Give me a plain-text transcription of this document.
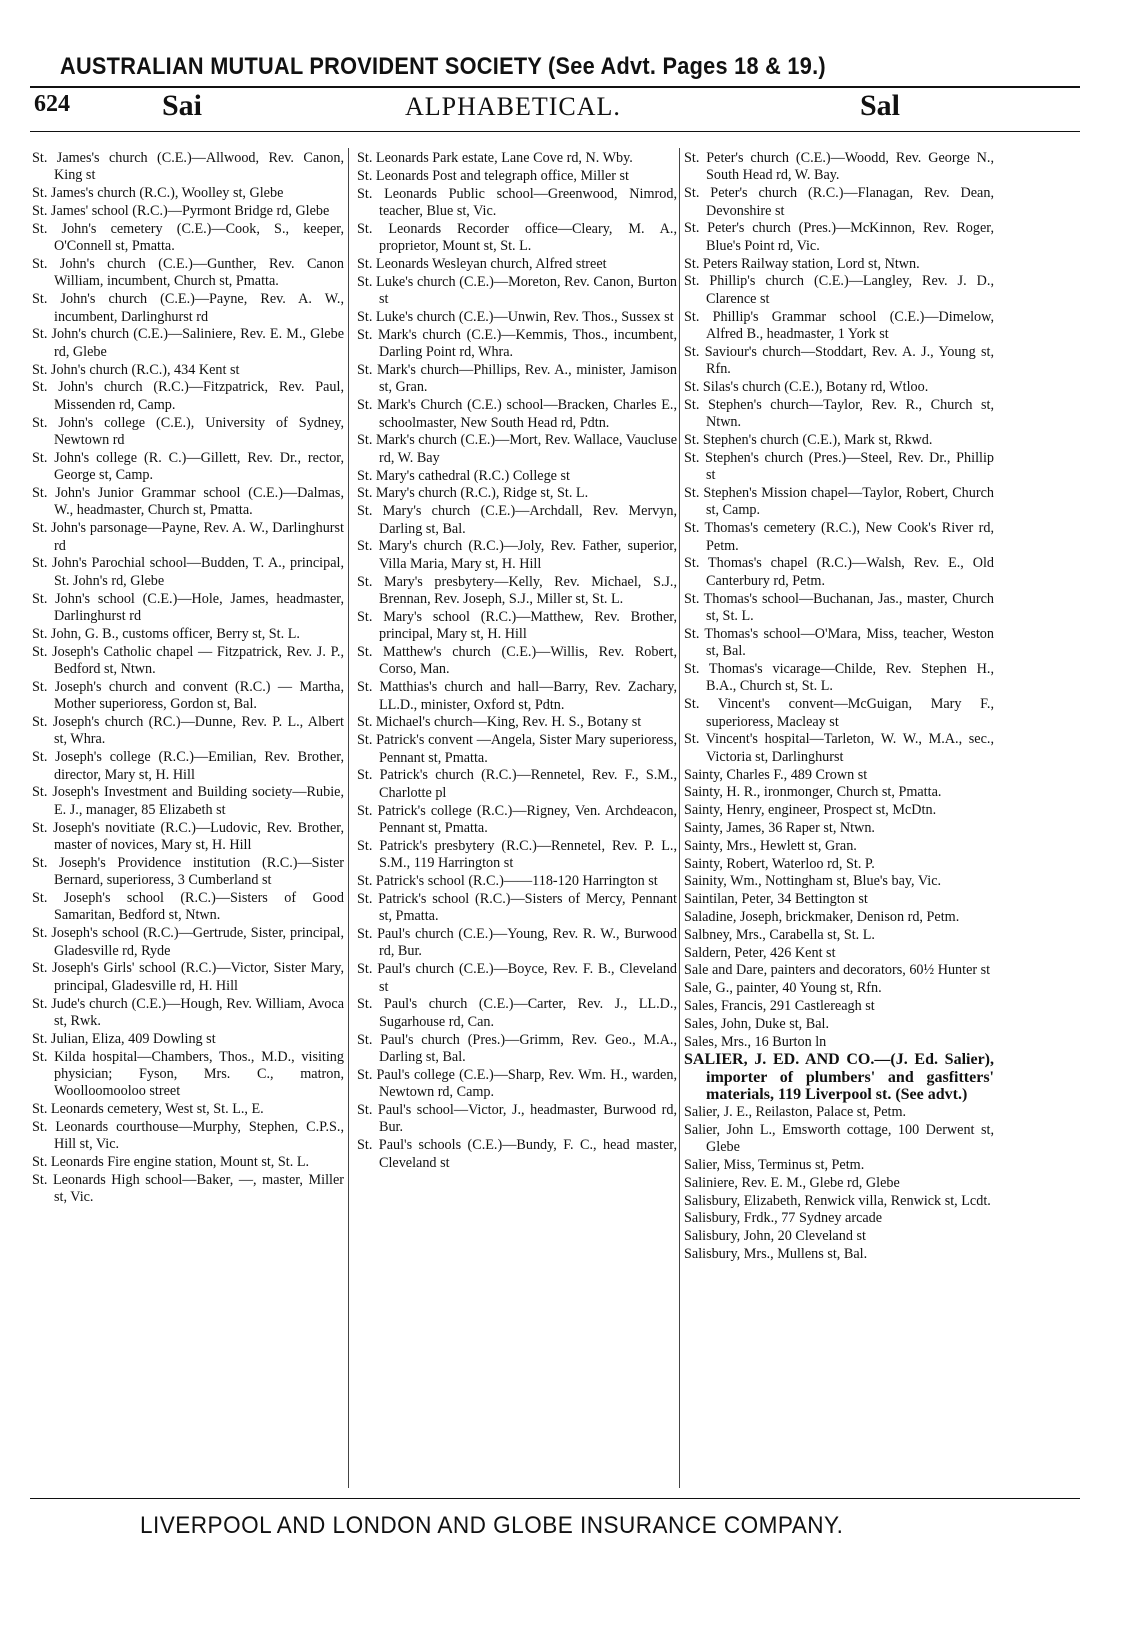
AUSTRALIAN MUTUAL PROVIDENT SOCIETY (See Advt. Pages 18 & 19.)
624	Sai	ALPHABETICAL.	Sal
St. James's church (C.E.)—Allwood, Rev. Canon, King st
St. James's church (R.C.), Woolley st, Glebe
St. James' school (R.C.)—Pyrmont Bridge rd, Glebe
St. John's cemetery (C.E.)—Cook, S., keeper, O'Connell st, Pmatta.
St. John's church (C.E.)—Gunther, Rev. Canon William, incumbent, Church st, Pmatta.
St. John's church (C.E.)—Payne, Rev. A. W., incumbent, Darlinghurst rd
St. John's church (C.E.)—Saliniere, Rev. E. M., Glebe rd, Glebe
St. John's church (R.C.), 434 Kent st
St. John's church (R.C.)—Fitzpatrick, Rev. Paul, Missenden rd, Camp.
St. John's college (C.E.), University of Sydney, Newtown rd
St. John's college (R. C.)—Gillett, Rev. Dr., rector, George st, Camp.
St. John's Junior Grammar school (C.E.)—Dalmas, W., headmaster, Church st, Pmatta.
St. John's parsonage—Payne, Rev. A. W., Darlinghurst rd
St. John's Parochial school—Budden, T. A., principal, St. John's rd, Glebe
St. John's school (C.E.)—Hole, James, headmaster, Darlinghurst rd
St. John, G. B., customs officer, Berry st, St. L.
St. Joseph's Catholic chapel — Fitzpatrick, Rev. J. P., Bedford st, Ntwn.
St. Joseph's church and convent (R.C.) — Martha, Mother superioress, Gordon st, Bal.
St. Joseph's church (RC.)—Dunne, Rev. P. L., Albert st, Whra.
St. Joseph's college (R.C.)—Emilian, Rev. Brother, director, Mary st, H. Hill
St. Joseph's Investment and Building society—Rubie, E. J., manager, 85 Elizabeth st
St. Joseph's novitiate (R.C.)—Ludovic, Rev. Brother, master of novices, Mary st, H. Hill
St. Joseph's Providence institution (R.C.)—Sister Bernard, superioress, 3 Cumberland st
St. Joseph's school (R.C.)—Sisters of Good Samaritan, Bedford st, Ntwn.
St. Joseph's school (R.C.)—Gertrude, Sister, principal, Gladesville rd, Ryde
St. Joseph's Girls' school (R.C.)—Victor, Sister Mary, principal, Gladesville rd, H. Hill
St. Jude's church (C.E.)—Hough, Rev. William, Avoca st, Rwk.
St. Julian, Eliza, 409 Dowling st
St. Kilda hospital—Chambers, Thos., M.D., visiting physician; Fyson, Mrs. C., matron, Woolloomooloo street
St. Leonards cemetery, West st, St. L., E.
St. Leonards courthouse—Murphy, Stephen, C.P.S., Hill st, Vic.
St. Leonards Fire engine station, Mount st, St. L.
St. Leonards High school—Baker, —, master, Miller st, Vic.
St. Leonards Park estate, Lane Cove rd, N. Wby.
St. Leonards Post and telegraph office, Miller st
St. Leonards Public school—Greenwood, Nimrod, teacher, Blue st, Vic.
St. Leonards Recorder office—Cleary, M. A., proprietor, Mount st, St. L.
St. Leonards Wesleyan church, Alfred street
St. Luke's church (C.E.)—Moreton, Rev. Canon, Burton st
St. Luke's church (C.E.)—Unwin, Rev. Thos., Sussex st
St. Mark's church (C.E.)—Kemmis, Thos., incumbent, Darling Point rd, Whra.
St. Mark's church—Phillips, Rev. A., minister, Jamison st, Gran.
St. Mark's Church (C.E.) school—Bracken, Charles E., schoolmaster, New South Head rd, Pdtn.
St. Mark's church (C.E.)—Mort, Rev. Wallace, Vaucluse rd, W. Bay
St. Mary's cathedral (R.C.) College st
St. Mary's church (R.C.), Ridge st, St. L.
St. Mary's church (C.E.)—Archdall, Rev. Mervyn, Darling st, Bal.
St. Mary's church (R.C.)—Joly, Rev. Father, superior, Villa Maria, Mary st, H. Hill
St. Mary's presbytery—Kelly, Rev. Michael, S.J., Brennan, Rev. Joseph, S.J., Miller st, St. L.
St. Mary's school (R.C.)—Matthew, Rev. Brother, principal, Mary st, H. Hill
St. Matthew's church (C.E.)—Willis, Rev. Robert, Corso, Man.
St. Matthias's church and hall—Barry, Rev. Zachary, LL.D., minister, Oxford st, Pdtn.
St. Michael's church—King, Rev. H. S., Botany st
St. Patrick's convent —Angela, Sister Mary superioress, Pennant st, Pmatta.
St. Patrick's church (R.C.)—Rennetel, Rev. F., S.M., Charlotte pl
St. Patrick's college (R.C.)—Rigney, Ven. Archdeacon, Pennant st, Pmatta.
St. Patrick's presbytery (R.C.)—Rennetel, Rev. P. L., S.M., 119 Harrington st
St. Patrick's school (R.C.)——118-120 Harrington st
St. Patrick's school (R.C.)—Sisters of Mercy, Pennant st, Pmatta.
St. Paul's church (C.E.)—Young, Rev. R. W., Burwood rd, Bur.
St. Paul's church (C.E.)—Boyce, Rev. F. B., Cleveland st
St. Paul's church (C.E.)—Carter, Rev. J., LL.D., Sugarhouse rd, Can.
St. Paul's church (Pres.)—Grimm, Rev. Geo., M.A., Darling st, Bal.
St. Paul's college (C.E.)—Sharp, Rev. Wm. H., warden, Newtown rd, Camp.
St. Paul's school—Victor, J., headmaster, Burwood rd, Bur.
St. Paul's schools (C.E.)—Bundy, F. C., head master, Cleveland st
St. Peter's church (C.E.)—Woodd, Rev. George N., South Head rd, W. Bay.
St. Peter's church (R.C.)—Flanagan, Rev. Dean, Devonshire st
St. Peter's church (Pres.)—McKinnon, Rev. Roger, Blue's Point rd, Vic.
St. Peters Railway station, Lord st, Ntwn.
St. Phillip's church (C.E.)—Langley, Rev. J. D., Clarence st
St. Phillip's Grammar school (C.E.)—Dimelow, Alfred B., headmaster, 1 York st
St. Saviour's church—Stoddart, Rev. A. J., Young st, Rfn.
St. Silas's church (C.E.), Botany rd, Wtloo.
St. Stephen's church—Taylor, Rev. R., Church st, Ntwn.
St. Stephen's church (C.E.), Mark st, Rkwd.
St. Stephen's church (Pres.)—Steel, Rev. Dr., Phillip st
St. Stephen's Mission chapel—Taylor, Robert, Church st, Camp.
St. Thomas's cemetery (R.C.), New Cook's River rd, Petm.
St. Thomas's chapel (R.C.)—Walsh, Rev. E., Old Canterbury rd, Petm.
St. Thomas's school—Buchanan, Jas., master, Church st, St. L.
St. Thomas's school—O'Mara, Miss, teacher, Weston st, Bal.
St. Thomas's vicarage—Childe, Rev. Stephen H., B.A., Church st, St. L.
St. Vincent's convent—McGuigan, Mary F., superioress, Macleay st
St. Vincent's hospital—Tarleton, W. W., M.A., sec., Victoria st, Darlinghurst
Sainty, Charles F., 489 Crown st
Sainty, H. R., ironmonger, Church st, Pmatta.
Sainty, Henry, engineer, Prospect st, McDtn.
Sainty, James, 36 Raper st, Ntwn.
Sainty, Mrs., Hewlett st, Gran.
Sainty, Robert, Waterloo rd, St. P.
Sainity, Wm., Nottingham st, Blue's bay, Vic.
Saintilan, Peter, 34 Bettington st
Saladine, Joseph, brickmaker, Denison rd, Petm.
Salbney, Mrs., Carabella st, St. L.
Saldern, Peter, 426 Kent st
Sale and Dare, painters and decorators, 60½ Hunter st
Sale, G., painter, 40 Young st, Rfn.
Sales, Francis, 291 Castlereagh st
Sales, John, Duke st, Bal.
Sales, Mrs., 16 Burton ln
SALIER, J. ED. AND CO.—(J. Ed. Salier), importer of plumbers' and gasfitters' materials, 119 Liverpool st. (See advt.)
Salier, J. E., Reilaston, Palace st, Petm.
Salier, John L., Emsworth cottage, 100 Derwent st, Glebe
Salier, Miss, Terminus st, Petm.
Saliniere, Rev. E. M., Glebe rd, Glebe
Salisbury, Elizabeth, Renwick villa, Renwick st, Lcdt.
Salisbury, Frdk., 77 Sydney arcade
Salisbury, John, 20 Cleveland st
Salisbury, Mrs., Mullens st, Bal.
LIVERPOOL AND LONDON AND GLOBE INSURANCE COMPANY.
